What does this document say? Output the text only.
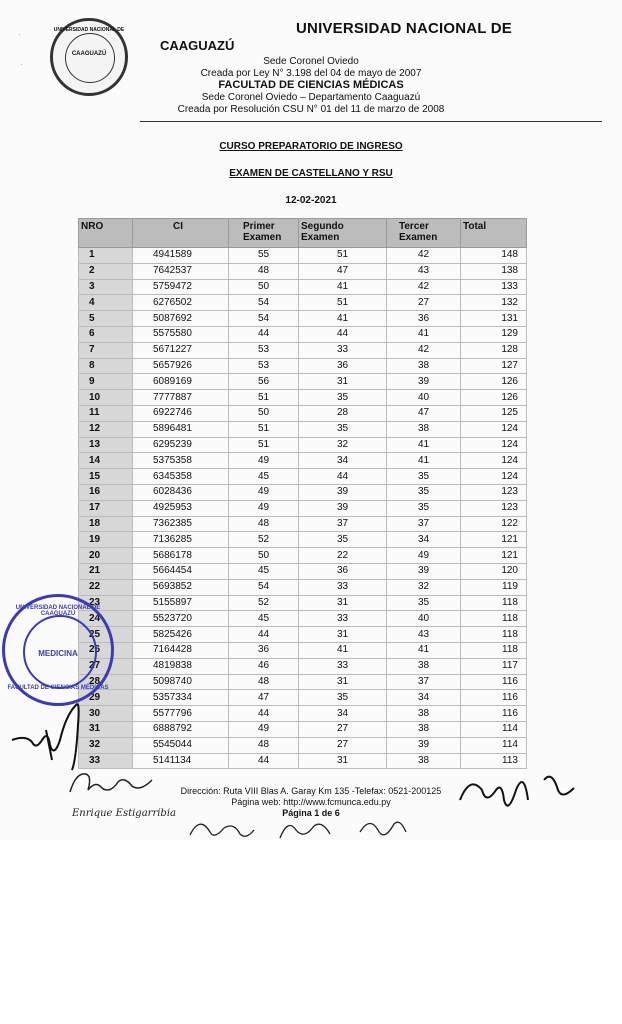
·
·
UNIVERSIDAD NACIONAL DE
CAAGUAZÚ
UNIVERSIDAD NACIONAL DE
CAAGUAZÚ
Sede Coronel Oviedo
Creada por Ley N° 3.198 del 04 de mayo de 2007
FACULTAD DE CIENCIAS MÉDICAS
Sede Coronel Oviedo – Departamento Caaguazú
Creada por Resolución CSU N° 01 del 11 de marzo de 2008
CURSO PREPARATORIO DE INGRESO
EXAMEN DE CASTELLANO Y RSU
12-02-2021
NRO	CI	Primer Examen	Segundo Examen	Tercer Examen	Total
1	4941589	55	51	42	148
2	7642537	48	47	43	138
3	5759472	50	41	42	133
4	6276502	54	51	27	132
5	5087692	54	41	36	131
6	5575580	44	44	41	129
7	5671227	53	33	42	128
8	5657926	53	36	38	127
9	6089169	56	31	39	126
10	7777887	51	35	40	126
11	6922746	50	28	47	125
12	5896481	51	35	38	124
13	6295239	51	32	41	124
14	5375358	49	34	41	124
15	6345358	45	44	35	124
16	6028436	49	39	35	123
17	4925953	49	39	35	123
18	7362385	48	37	37	122
19	7136285	52	35	34	121
20	5686178	50	22	49	121
21	5664454	45	36	39	120
22	5693852	54	33	32	119
23	5155897	52	31	35	118
24	5523720	45	33	40	118
25	5825426	44	31	43	118
26	7164428	36	41	41	118
27	4819838	46	33	38	117
28	5098740	48	31	37	116
29	5357334	47	35	34	116
30	5577796	44	34	38	116
31	6888792	49	27	38	114
32	5545044	48	27	39	114
33	5141134	44	31	38	113
UNIVERSIDAD NACIONAL DE CAAGUAZÚ
MEDICINA
FACULTAD DE CIENCIAS MÉDICAS
Enrique Estigarribia
Dirección: Ruta VIII Blas A. Garay Km 135 -Telefax: 0521-200125
Página web: http://www.fcmunca.edu.py
Página 1 de 6
